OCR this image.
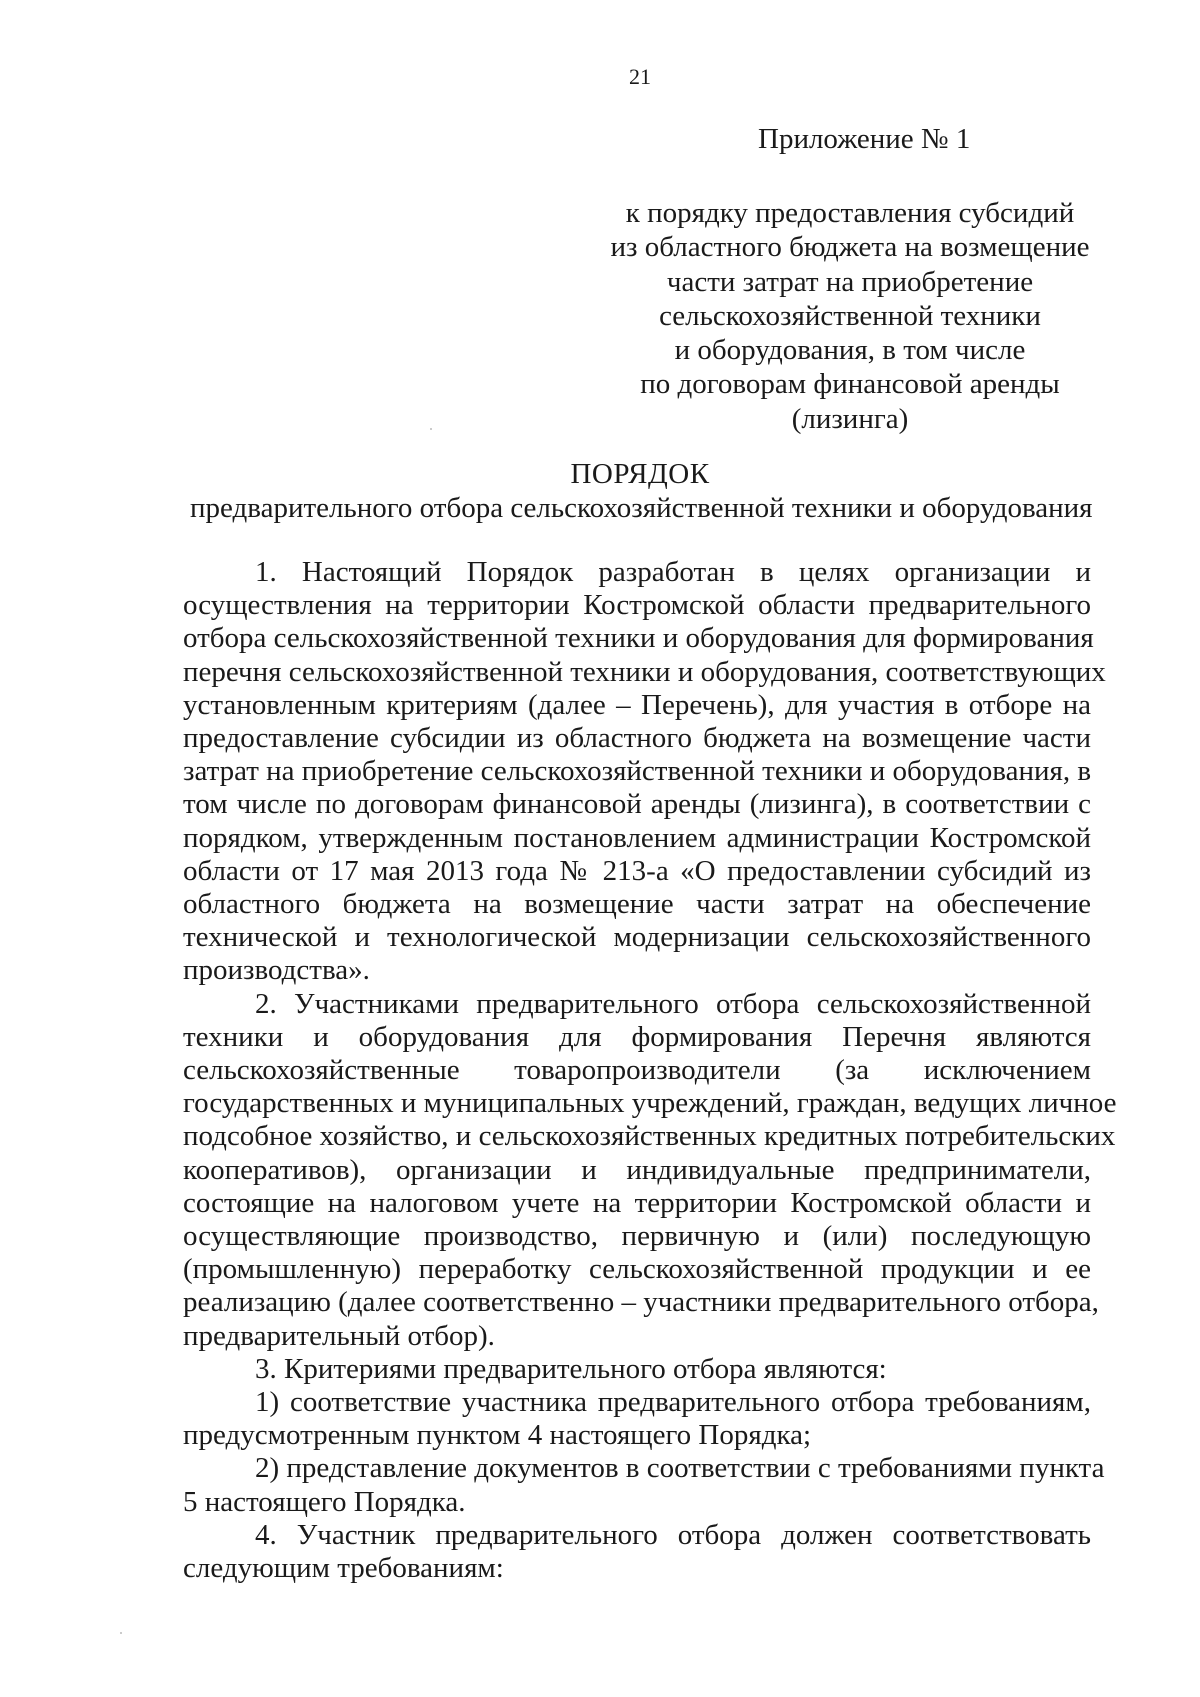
21
Приложение № 1
к порядку предоставления субсидий
из областного бюджета на возмещение
части затрат на приобретение
сельскохозяйственной техники
и оборудования, в том числе
по договорам финансовой аренды
(лизинга)
ПОРЯДОК
предварительного отбора сельскохозяйственной техники и оборудования
1. Настоящий Порядок разработан в целях организации и
осуществления на территории Костромской области предварительного
отбора сельскохозяйственной техники и оборудования для формирования
перечня сельскохозяйственной техники и оборудования, соответствующих
установленным критериям (далее – Перечень), для участия в отборе на
предоставление субсидии из областного бюджета на возмещение части
затрат на приобретение сельскохозяйственной техники и оборудования, в
том числе по договорам финансовой аренды (лизинга), в соответствии с
порядком, утвержденным постановлением администрации Костромской
области от 17 мая 2013 года № 213-а «О предоставлении субсидий из
областного бюджета на возмещение части затрат на обеспечение
технической и технологической модернизации сельскохозяйственного
производства».
2. Участниками предварительного отбора сельскохозяйственной
техники и оборудования для формирования Перечня являются
сельскохозяйственные товаропроизводители (за исключением
государственных и муниципальных учреждений, граждан, ведущих личное
подсобное хозяйство, и сельскохозяйственных кредитных потребительских
кооперативов), организации и индивидуальные предприниматели,
состоящие на налоговом учете на территории Костромской области и
осуществляющие производство, первичную и (или) последующую
(промышленную) переработку сельскохозяйственной продукции и ее
реализацию (далее соответственно – участники предварительного отбора,
предварительный отбор).
3. Критериями предварительного отбора являются:
1) соответствие участника предварительного отбора требованиям,
предусмотренным пунктом 4 настоящего Порядка;
2) представление документов в соответствии с требованиями пункта
5 настоящего Порядка.
4. Участник предварительного отбора должен соответствовать
следующим требованиям:
